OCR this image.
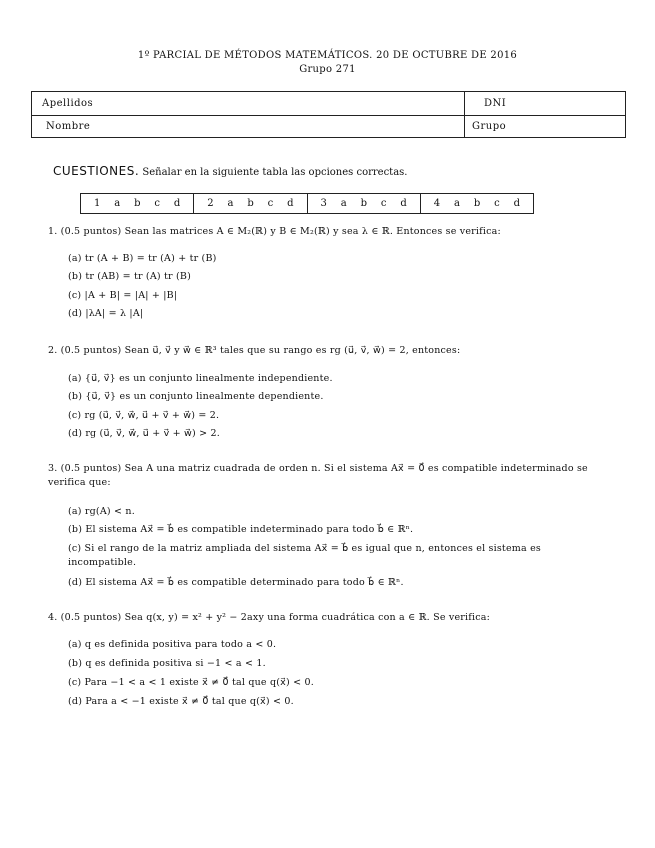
1º PARCIAL DE MÉTODOS MATEMÁTICOS. 20 DE OCTUBRE DE 2016
Grupo 271
Apellidos	DNI
Nombre	Grupo
CUESTIONES. Señalar en la siguiente tabla las opciones correctas.
1 a b c d	2 a b c d	3 a b c d	4 a b c d
1. (0.5 puntos) Sean las matrices A ∈ M₂(ℝ) y B ∈ M₂(ℝ) y sea λ ∈ ℝ. Entonces se verifica:
(a) tr (A + B) = tr (A) + tr (B)
(b) tr (AB) = tr (A) tr (B)
(c) |A + B| = |A| + |B|
(d) |λA| = λ |A|
2. (0.5 puntos) Sean u⃗, v⃗ y w⃗ ∈ ℝ³ tales que su rango es rg (u⃗, v⃗, w⃗) = 2, entonces:
(a) {u⃗, v⃗} es un conjunto linealmente independiente.
(b) {u⃗, v⃗} es un conjunto linealmente dependiente.
(c) rg (u⃗, v⃗, w⃗, u⃗ + v⃗ + w⃗) = 2.
(d) rg (u⃗, v⃗, w⃗, u⃗ + v⃗ + w⃗) > 2.
3. (0.5 puntos) Sea A una matriz cuadrada de orden n. Si el sistema Ax⃗ = 0⃗ es compatible indeterminado se verifica que:
(a) rg(A) < n.
(b) El sistema Ax⃗ = b⃗ es compatible indeterminado para todo b⃗ ∈ ℝⁿ.
(c) Si el rango de la matriz ampliada del sistema Ax⃗ = b⃗ es igual que n, entonces el sistema es incompatible.
(d) El sistema Ax⃗ = b⃗ es compatible determinado para todo b⃗ ∈ ℝⁿ.
4. (0.5 puntos) Sea q(x, y) = x² + y² − 2axy una forma cuadrática con a ∈ ℝ. Se verifica:
(a) q es definida positiva para todo a < 0.
(b) q es definida positiva si −1 < a < 1.
(c) Para −1 < a < 1 existe x⃗ ≠ 0⃗ tal que q(x⃗) < 0.
(d) Para a < −1 existe x⃗ ≠ 0⃗ tal que q(x⃗) < 0.
